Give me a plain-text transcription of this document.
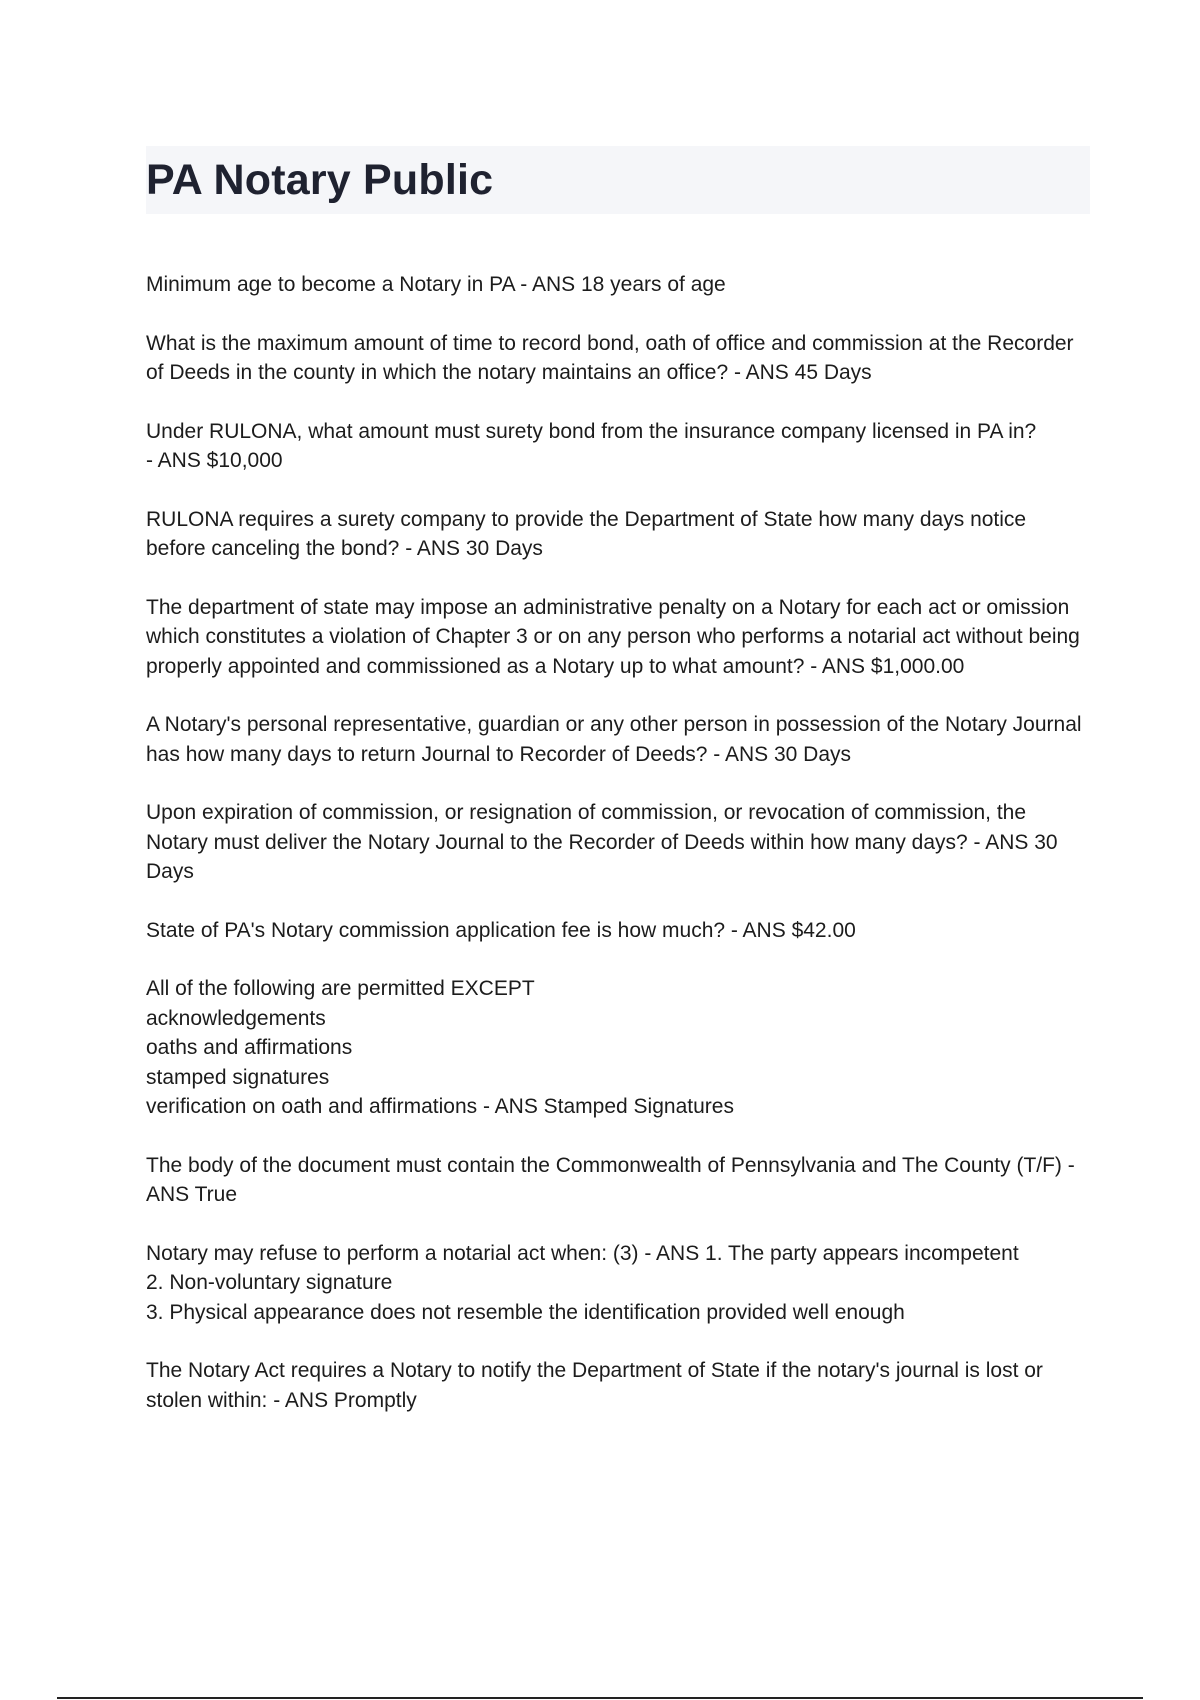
PA Notary Public

Minimum age to become a Notary in PA - ANS 18 years of age

What is the maximum amount of time to record bond, oath of office and commission at the Recorder of Deeds in the county in which the notary maintains an office? - ANS 45 Days

Under RULONA, what amount must surety bond from the insurance company licensed in PA in?
- ANS $10,000

RULONA requires a surety company to provide the Department of State how many days notice before canceling the bond? - ANS 30 Days

The department of state may impose an administrative penalty on a Notary for each act or omission which constitutes a violation of Chapter 3 or on any person who performs a notarial act without being properly appointed and commissioned as a Notary up to what amount? - ANS $1,000.00

A Notary's personal representative, guardian or any other person in possession of the Notary Journal has how many days to return Journal to Recorder of Deeds? - ANS 30 Days

Upon expiration of commission, or resignation of commission, or revocation of commission, the Notary must deliver the Notary Journal to the Recorder of Deeds within how many days? - ANS 30 Days

State of PA's Notary commission application fee is how much? - ANS $42.00

All of the following are permitted EXCEPT
acknowledgements
oaths and affirmations
stamped signatures
verification on oath and affirmations - ANS Stamped Signatures

The body of the document must contain the Commonwealth of Pennsylvania and The County (T/F) - ANS True

Notary may refuse to perform a notarial act when: (3) - ANS 1. The party appears incompetent
2. Non-voluntary signature
3. Physical appearance does not resemble the identification provided well enough

The Notary Act requires a Notary to notify the Department of State if the notary's journal is lost or stolen within: - ANS Promptly
